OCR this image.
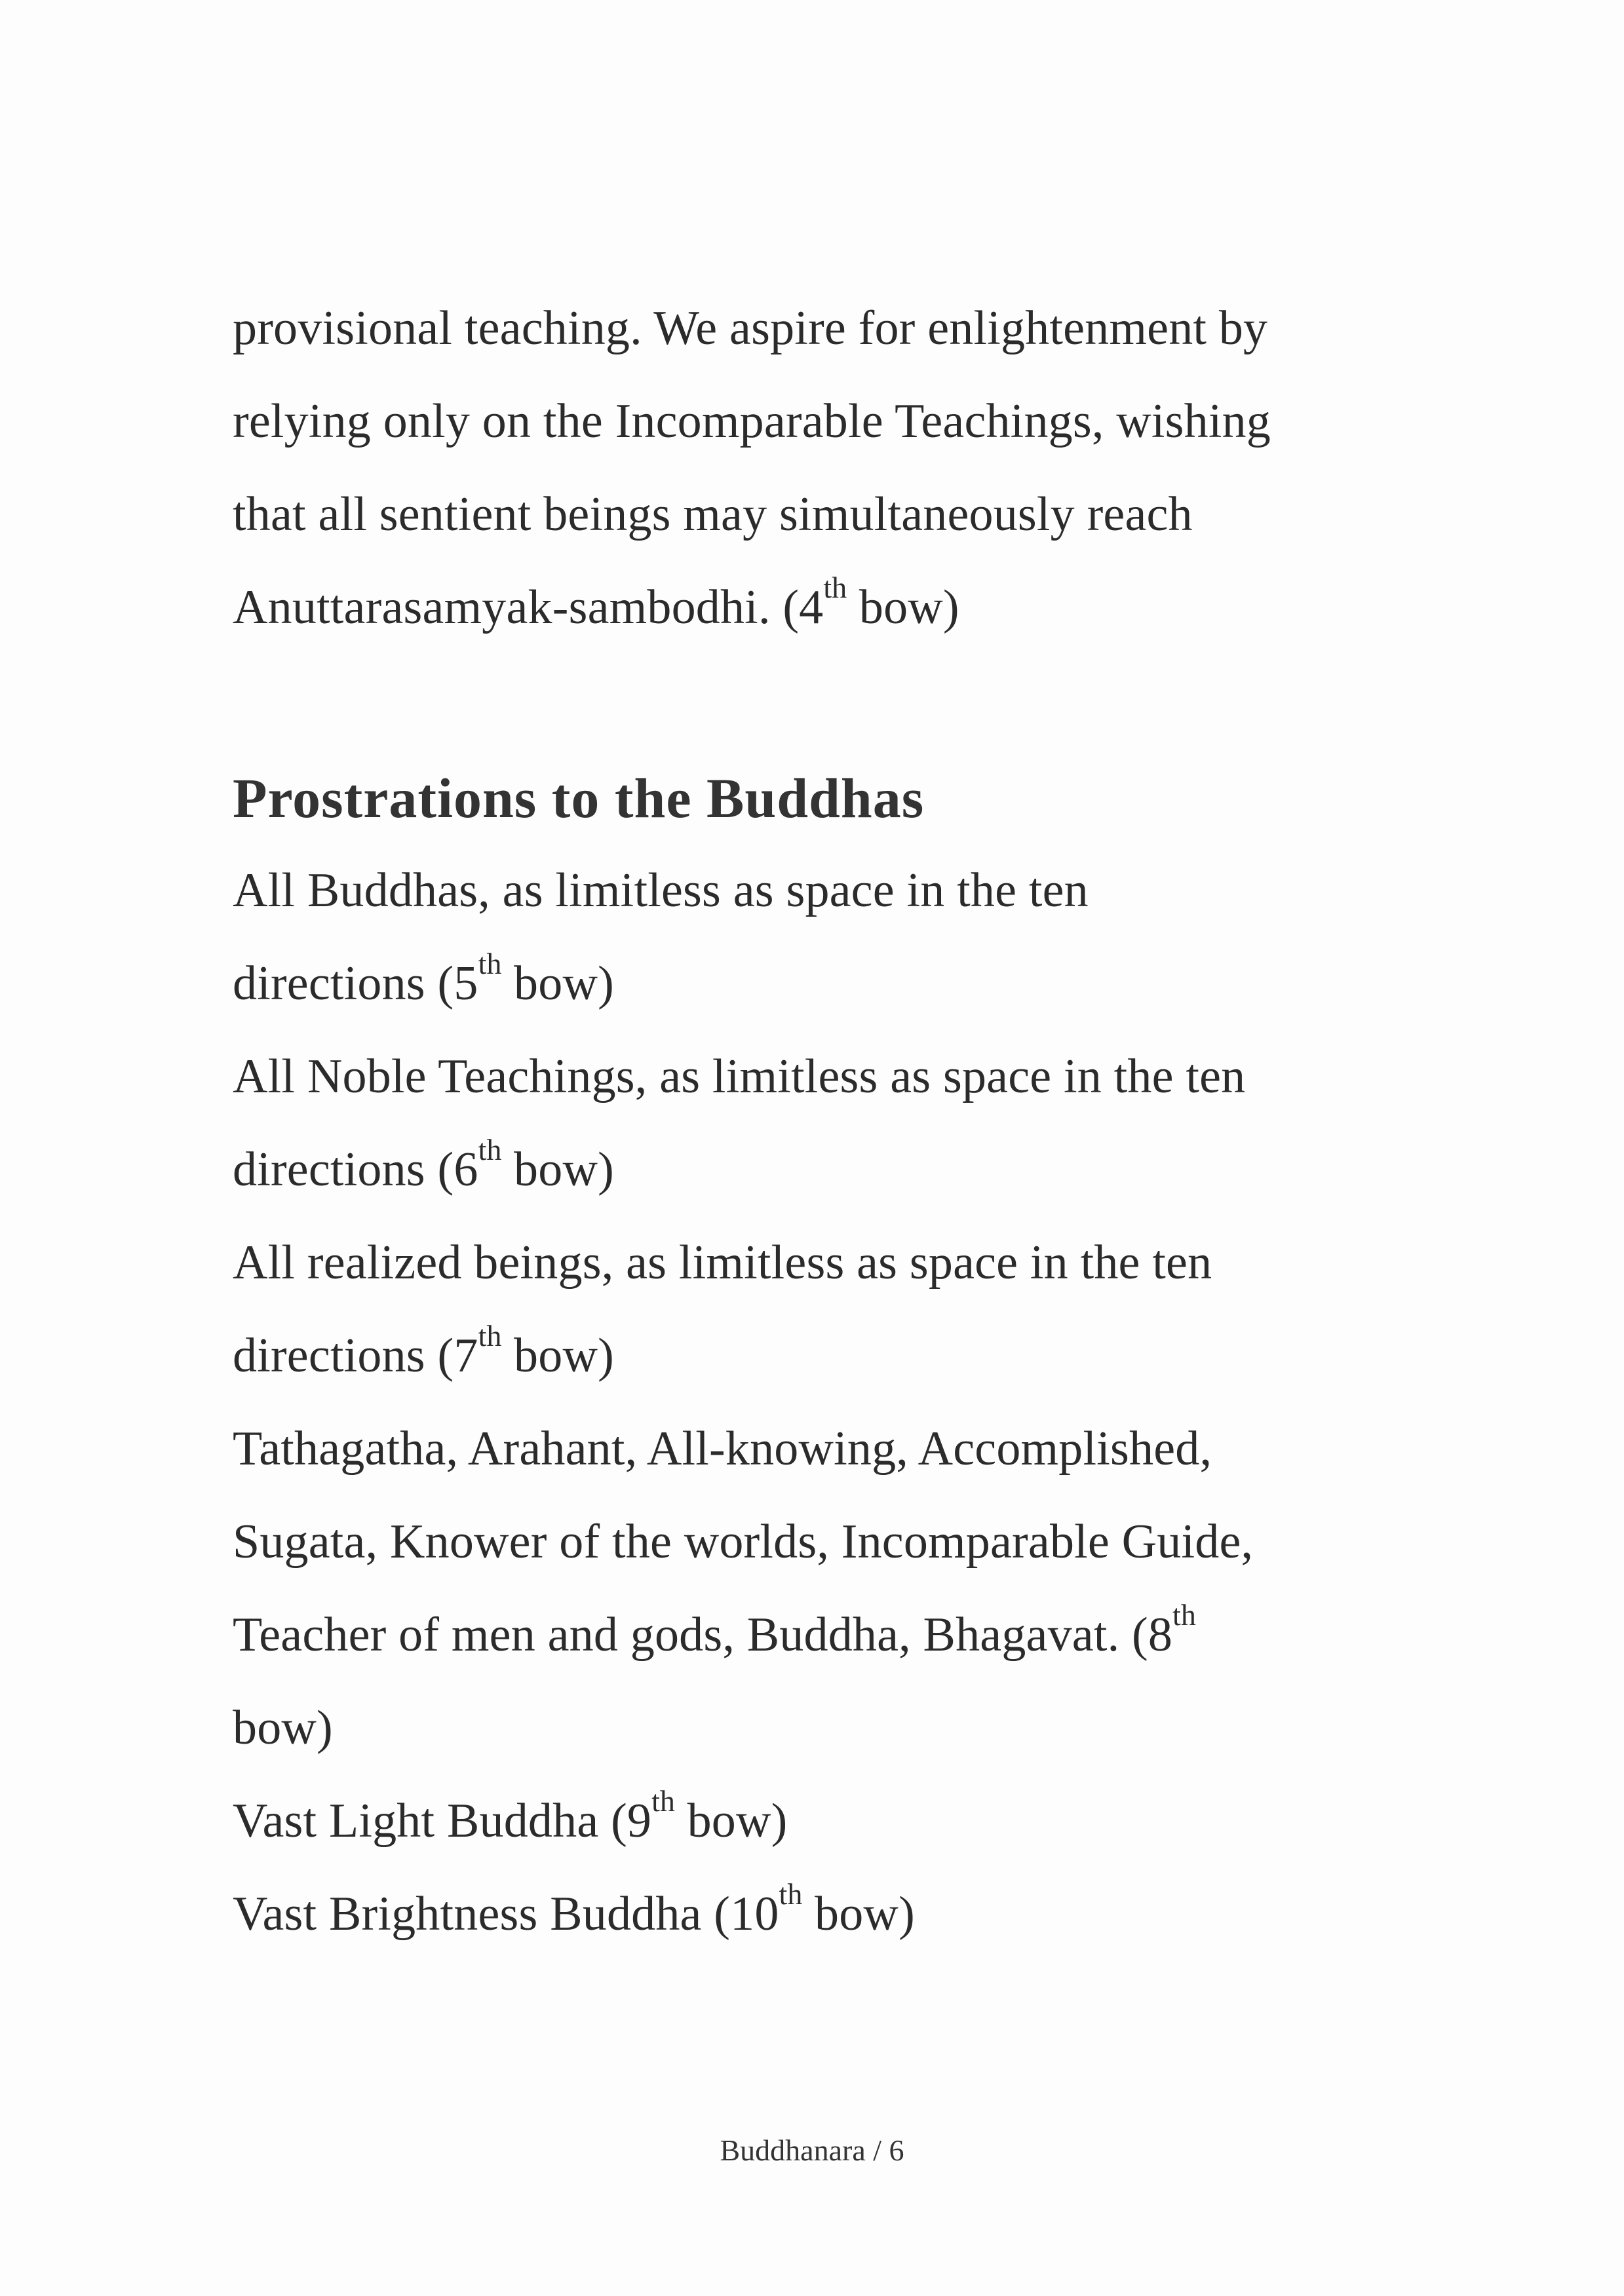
provisional teaching. We aspire for enlightenment by
relying only on the Incomparable Teachings, wishing
that all sentient beings may simultaneously reach
Anuttarasamyak-sambodhi. (4th bow)
Prostrations to the Buddhas
All Buddhas, as limitless as space in the ten
directions (5th bow)
All Noble Teachings, as limitless as space in the ten
directions (6th bow)
All realized beings, as limitless as space in the ten
directions (7th bow)
Tathagatha, Arahant, All-knowing, Accomplished,
Sugata, Knower of the worlds, Incomparable Guide,
Teacher of men and gods, Buddha, Bhagavat. (8th
bow)
Vast Light Buddha (9th bow)
Vast Brightness Buddha (10th bow)
Buddhanara / 6
